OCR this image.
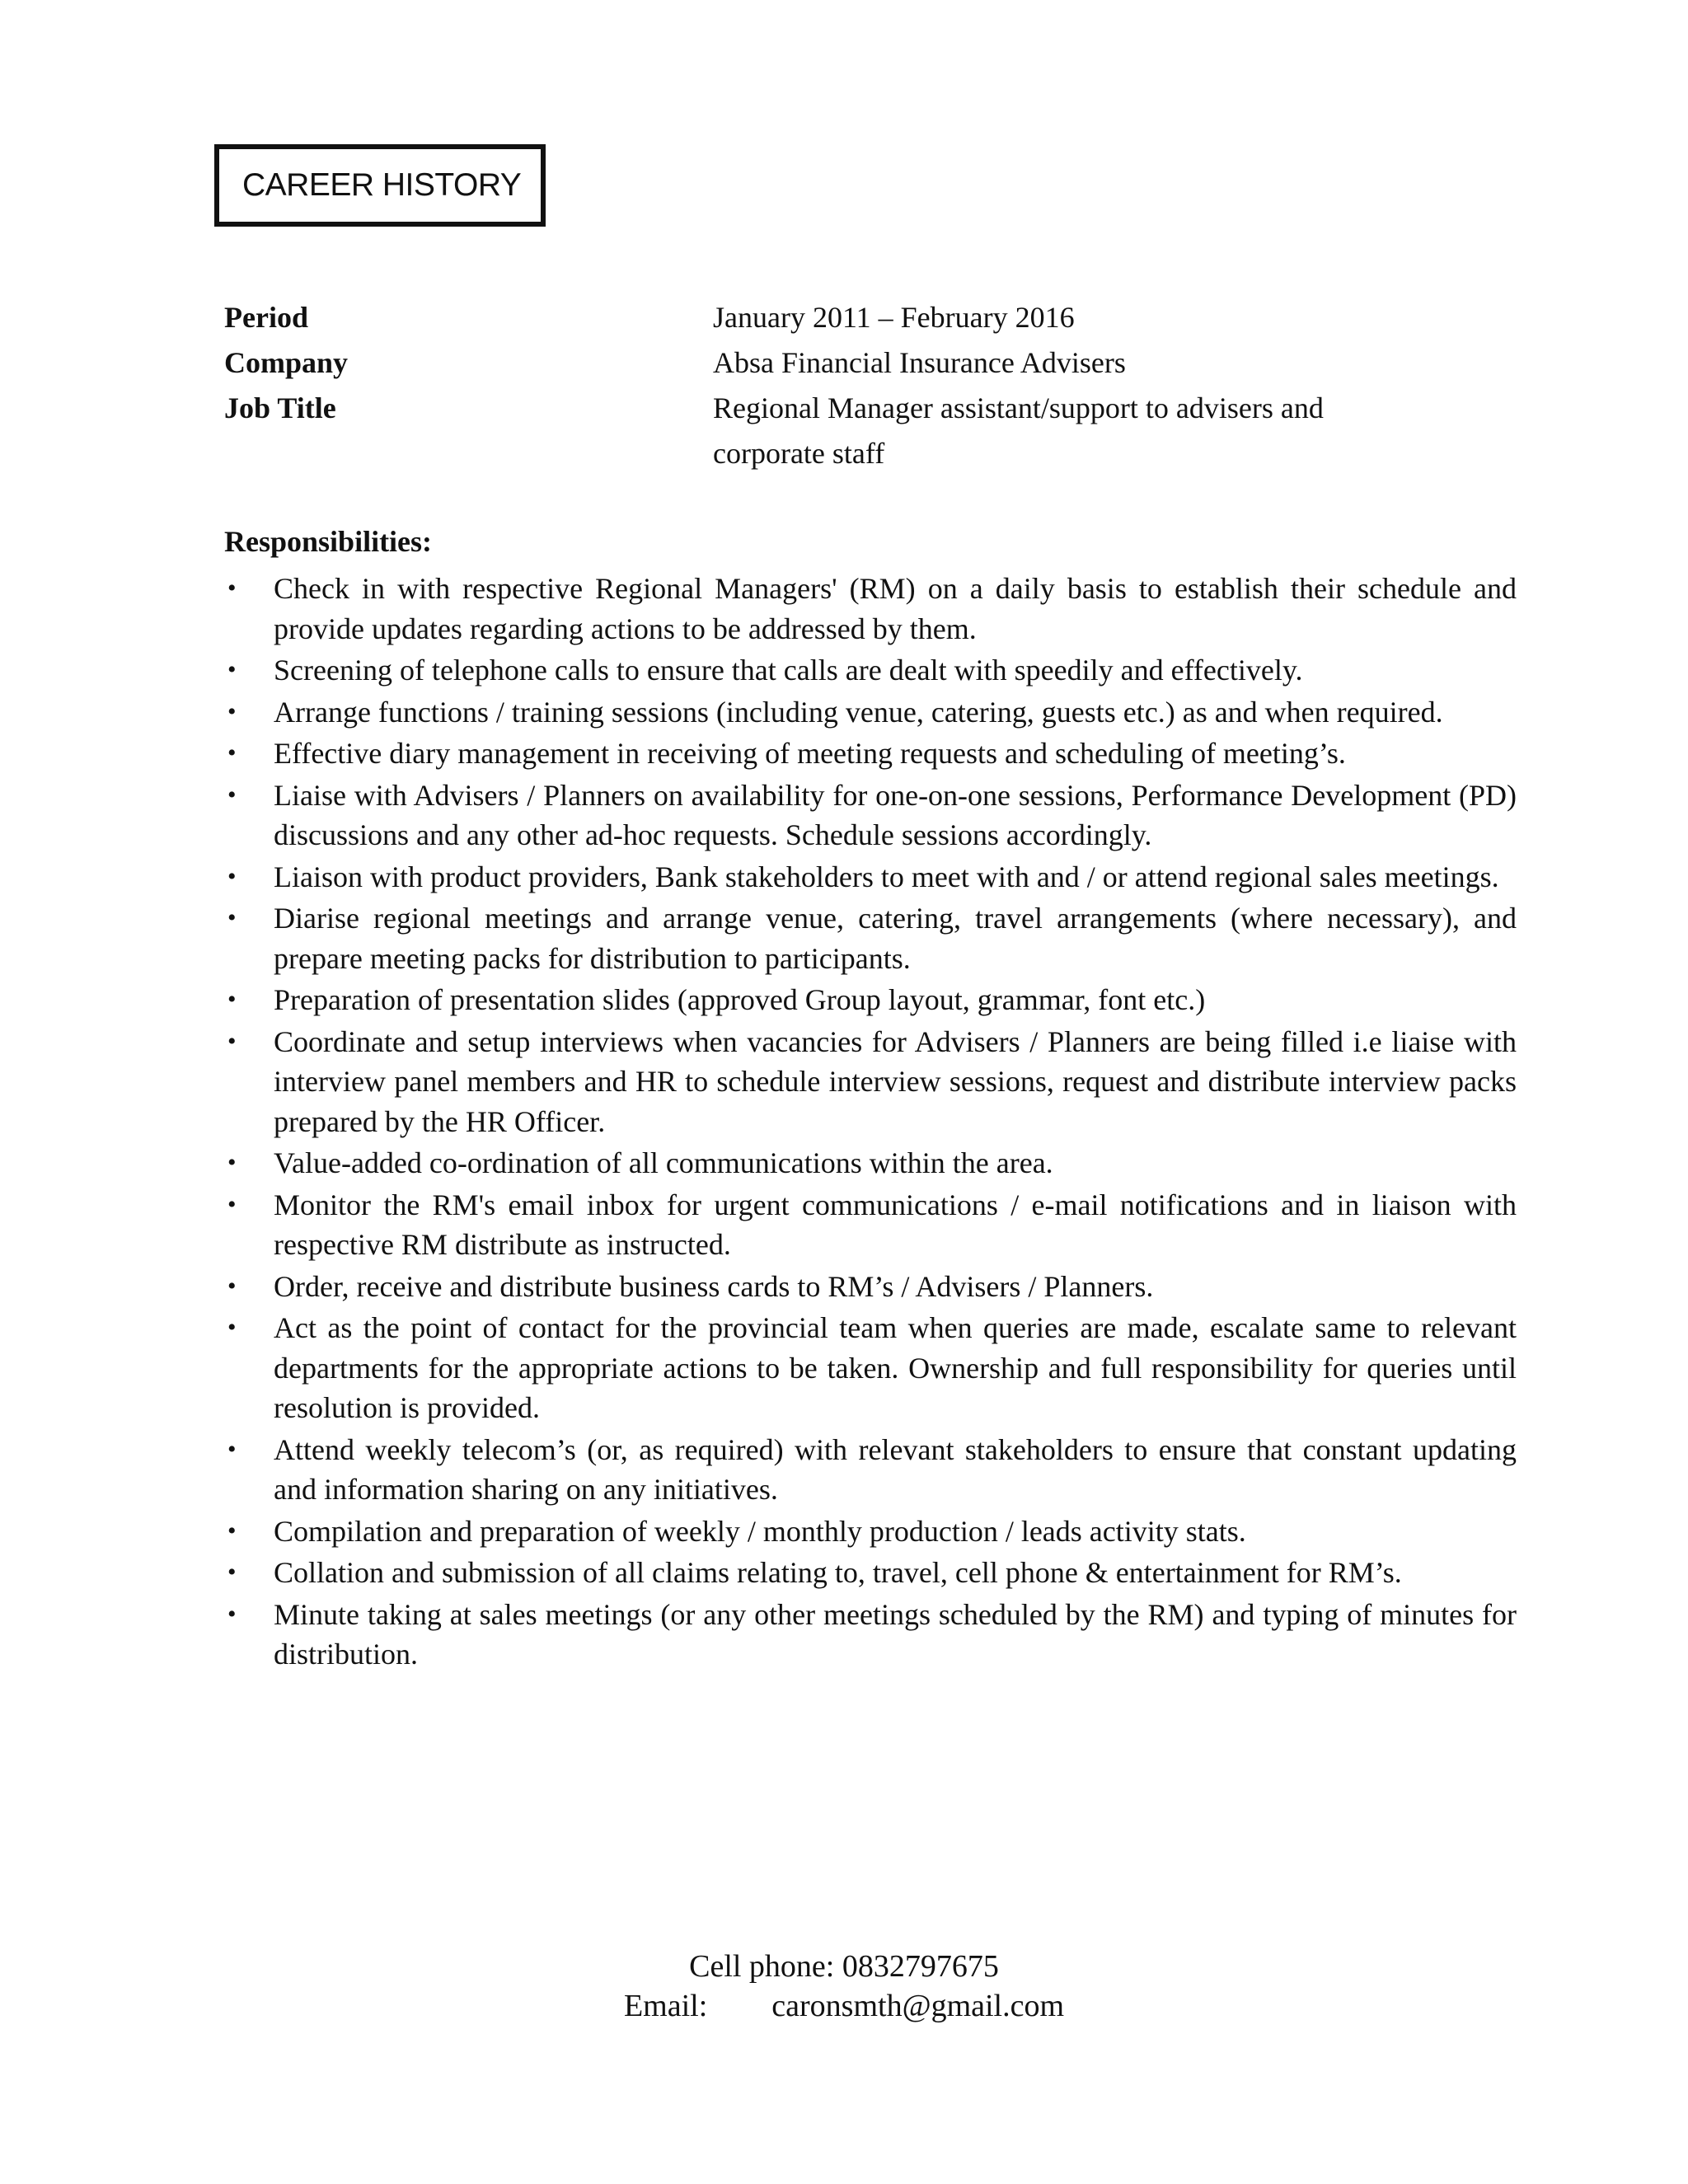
CAREER HISTORY
Period	January 2011 – February 2016
Company	Absa Financial Insurance Advisers
Job Title	Regional Manager assistant/support to advisers and corporate staff
Responsibilities:
•	Check in with respective Regional Managers' (RM) on a daily basis to establish their schedule and provide updates regarding actions to be addressed by them.
•	Screening of telephone calls to ensure that calls are dealt with speedily and effectively.
•	Arrange functions / training sessions (including venue, catering, guests etc.) as and when required.
•	Effective diary management in receiving of meeting requests and scheduling of meeting’s.
•	Liaise with Advisers / Planners on availability for one-on-one sessions, Performance Development (PD) discussions and any other ad-hoc requests. Schedule sessions accordingly.
•	Liaison with product providers, Bank stakeholders to meet with and / or attend regional sales meetings.
•	Diarise regional meetings and arrange venue, catering, travel arrangements (where necessary), and prepare meeting packs for distribution to participants.
•	Preparation of presentation slides (approved Group layout, grammar, font etc.)
•	Coordinate and setup interviews when vacancies for Advisers / Planners are being filled i.e liaise with interview panel members and HR to schedule interview sessions, request and distribute interview packs prepared by the HR Officer.
•	Value-added co-ordination of all communications within the area.
•	Monitor the RM's email inbox for urgent communications / e-mail notifications and in liaison with respective RM distribute as instructed.
•	Order, receive and distribute business cards to RM’s / Advisers / Planners.
•	Act as the point of contact for the provincial team when queries are made, escalate same to relevant departments for the appropriate actions to be taken. Ownership and full responsibility for queries until resolution is provided.
•	Attend weekly telecom’s (or, as required) with relevant stakeholders to ensure that constant updating and information sharing on any initiatives.
•	Compilation and preparation of weekly / monthly production / leads activity stats.
•	Collation and submission of all claims relating to, travel, cell phone & entertainment for RM’s.
•	Minute taking at sales meetings (or any other meetings scheduled by the RM) and typing of minutes for distribution.
Cell phone: 0832797675
Email: caronsmth@gmail.com
